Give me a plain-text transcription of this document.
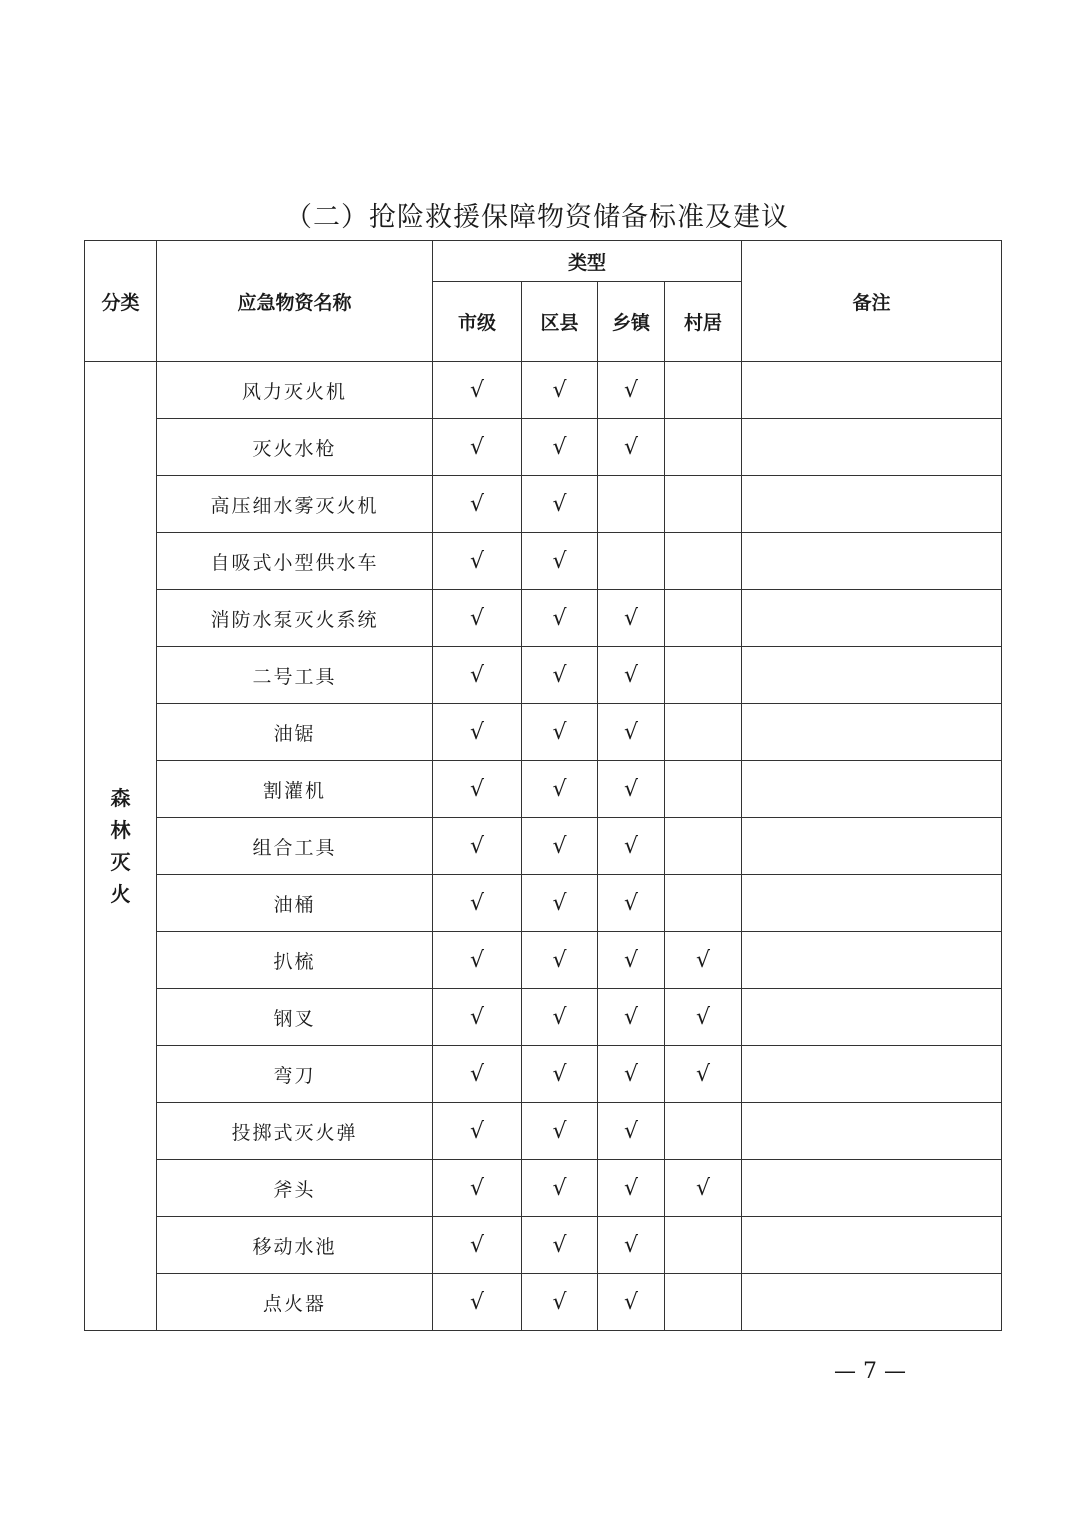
（二）抢险救援保障物资储备标准及建议
分类	应急物资名称	类型				备注
		市级	区县	乡镇	村居	
森林灭火	风力灭火机	√	√	√		
	灭火水枪	√	√	√		
	高压细水雾灭火机	√	√			
	自吸式小型供水车	√	√			
	消防水泵灭火系统	√	√	√		
	二号工具	√	√	√		
	油锯	√	√	√		
	割灌机	√	√	√		
	组合工具	√	√	√		
	油桶	√	√	√		
	扒梳	√	√	√	√	
	钢叉	√	√	√	√	
	弯刀	√	√	√	√	
	投掷式灭火弹	√	√	√		
	斧头	√	√	√	√	
	移动水池	√	√	√		
	点火器	√	√	√		
— 7 —
